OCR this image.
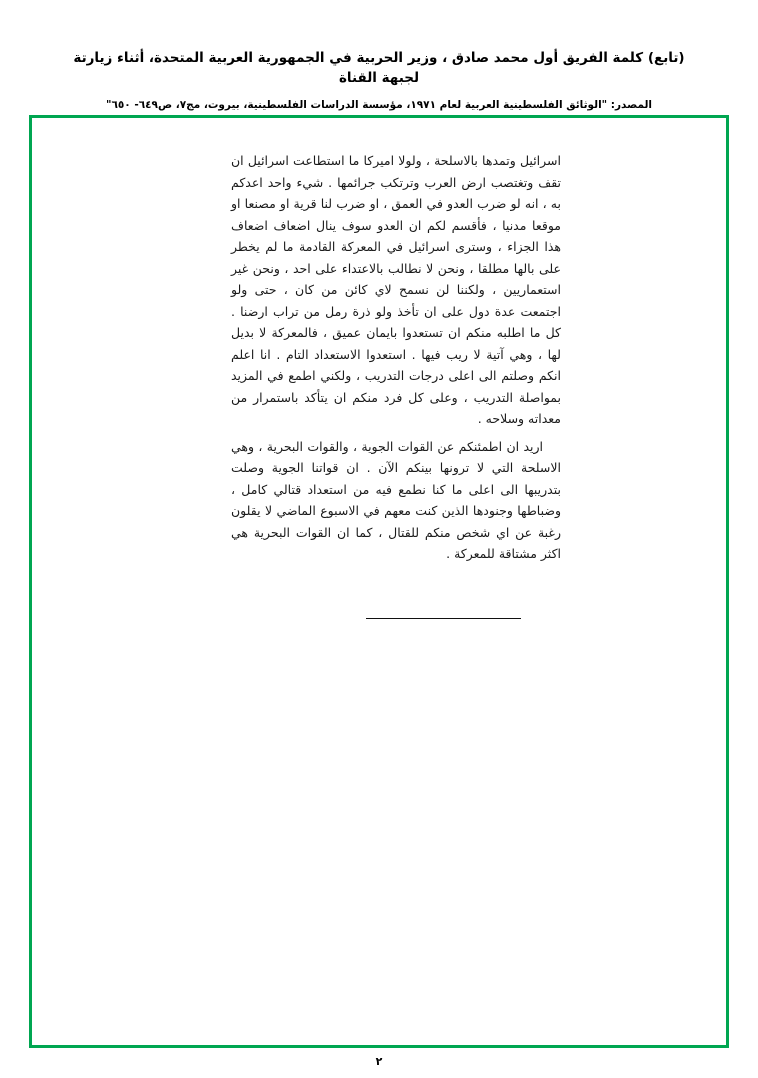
(تابع) كلمة الفريق أول محمد صادق ، وزير الحربية في الجمهورية العربية المتحدة، أثناء زيارتة لجبهة القناة
المصدر: "الوثائق الفلسطينية العربية لعام ١٩٧١، مؤسسة الدراسات الفلسطينية، بيروت، مج٧، ص٦٤٩- ٦٥٠"

اسرائيل وتمدها بالاسلحة ، ولولا اميركا ما استطاعت اسرائيل ان تقف وتغتصب ارض العرب وترتكب جرائمها . شيء واحد اعدكم به ، انه لو ضرب العدو في العمق ، او ضرب لنا قرية او مصنعا او موقعا مدنيا ، فأقسم لكم ان العدو سوف ينال اضعاف اضعاف هذا الجزاء ، وسترى اسرائيل في المعركة القادمة ما لم يخطر على بالها مطلقا ، ونحن لا نطالب بالاعتداء على احد ، ونحن غير استعماريين ، ولكننا لن نسمح لاي كائن من كان ، حتى ولو اجتمعت عدة دول على ان تأخذ ولو ذرة رمل من تراب ارضنا . كل ما اطلبه منكم ان تستعدوا بايمان عميق ، فالمعركة لا بديل لها ، وهي آتية لا ريب فيها . استعدوا الاستعداد التام . انا اعلم انكم وصلتم الى اعلى درجات التدريب ، ولكني اطمع في المزيد بمواصلة التدريب ، وعلى كل فرد منكم ان يتأكد باستمرار من معداته وسلاحه .

اريد ان اطمئنكم عن القوات الجوية ، والقوات البحرية ، وهي الاسلحة التي لا ترونها بينكم الآن . ان قواتنا الجوية وصلت بتدريبها الى اعلى ما كنا نطمع فيه من استعداد قتالي كامل ، وضباطها وجنودها الذين كنت معهم في الاسبوع الماضي لا يقلون رغبة عن اي شخص منكم للقتال ، كما ان القوات البحرية هي اكثر مشتاقة للمعركة .

٢
